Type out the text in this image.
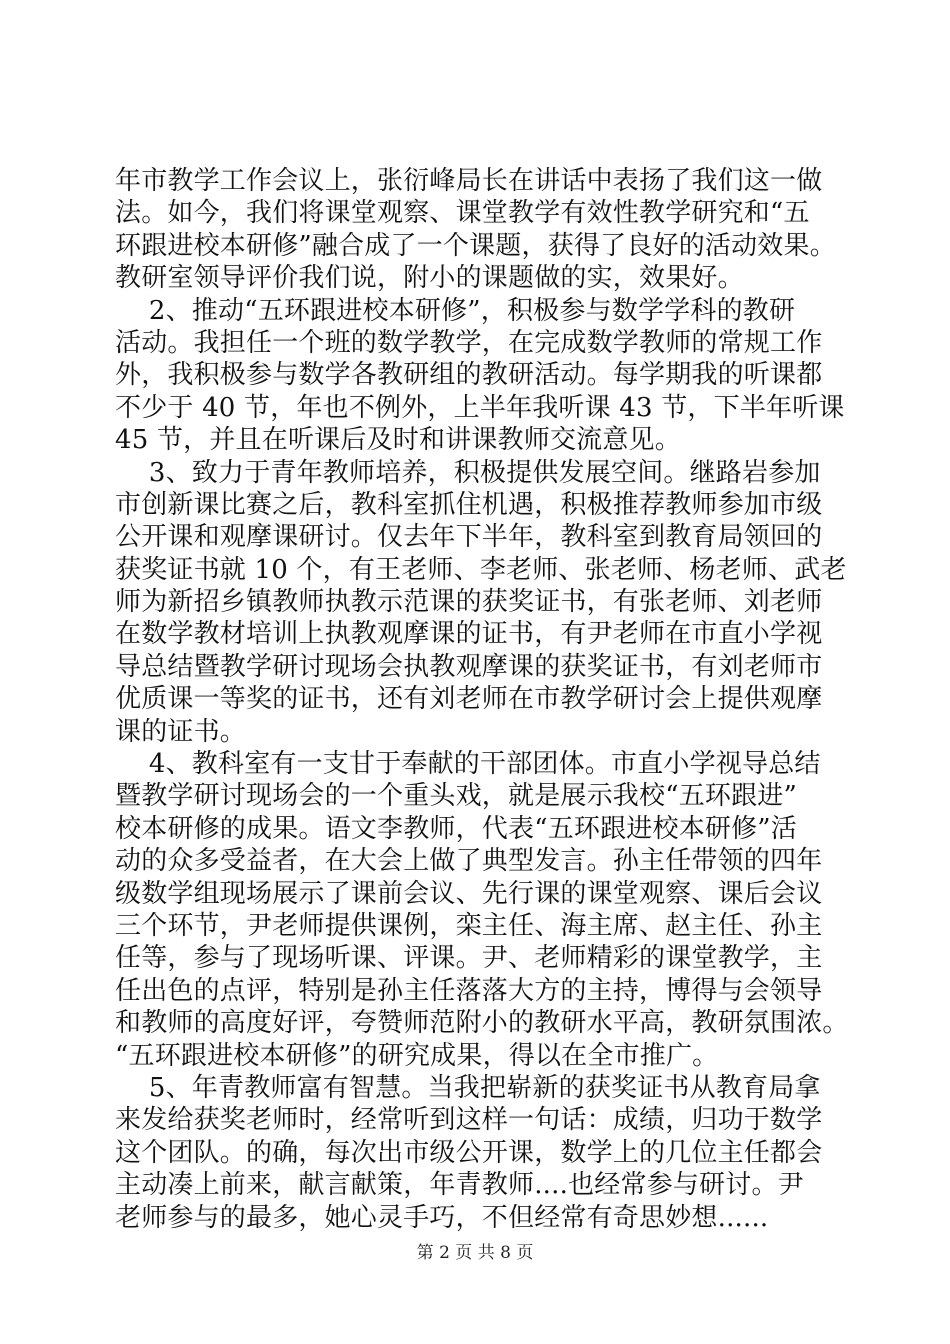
年市教学工作会议上，张衍峰局长在讲话中表扬了我们这一做
法。如今，我们将课堂观察、课堂教学有效性教学研究和“五
环跟进校本研修”融合成了一个课题，获得了良好的活动效果。
教研室领导评价我们说，附小的课题做的实，效果好。
2、推动“五环跟进校本研修”，积极参与数学学科的教研
活动。我担任一个班的数学教学，在完成数学教师的常规工作
外，我积极参与数学各教研组的教研活动。每学期我的听课都
不少于 40 节，年也不例外，上半年我听课 43 节，下半年听课
45 节，并且在听课后及时和讲课教师交流意见。
3、致力于青年教师培养，积极提供发展空间。继路岩参加
市创新课比赛之后，教科室抓住机遇，积极推荐教师参加市级
公开课和观摩课研讨。仅去年下半年，教科室到教育局领回的
获奖证书就 10 个，有王老师、李老师、张老师、杨老师、武老
师为新招乡镇教师执教示范课的获奖证书，有张老师、刘老师
在数学教材培训上执教观摩课的证书，有尹老师在市直小学视
导总结暨教学研讨现场会执教观摩课的获奖证书，有刘老师市
优质课一等奖的证书，还有刘老师在市教学研讨会上提供观摩
课的证书。
4、教科室有一支甘于奉献的干部团体。市直小学视导总结
暨教学研讨现场会的一个重头戏，就是展示我校“五环跟进”
校本研修的成果。语文李教师，代表“五环跟进校本研修”活
动的众多受益者，在大会上做了典型发言。孙主任带领的四年
级数学组现场展示了课前会议、先行课的课堂观察、课后会议
三个环节，尹老师提供课例，栾主任、海主席、赵主任、孙主
任等，参与了现场听课、评课。尹、老师精彩的课堂教学，主
任出色的点评，特别是孙主任落落大方的主持，博得与会领导
和教师的高度好评，夸赞师范附小的教研水平高，教研氛围浓。
“五环跟进校本研修”的研究成果，得以在全市推广。
5、年青教师富有智慧。当我把崭新的获奖证书从教育局拿
来发给获奖老师时，经常听到这样一句话：成绩，归功于数学
这个团队。的确，每次出市级公开课，数学上的几位主任都会
主动凑上前来，献言献策，年青教师....也经常参与研讨。尹
老师参与的最多，她心灵手巧，不但经常有奇思妙想......
第 2 页 共 8 页
